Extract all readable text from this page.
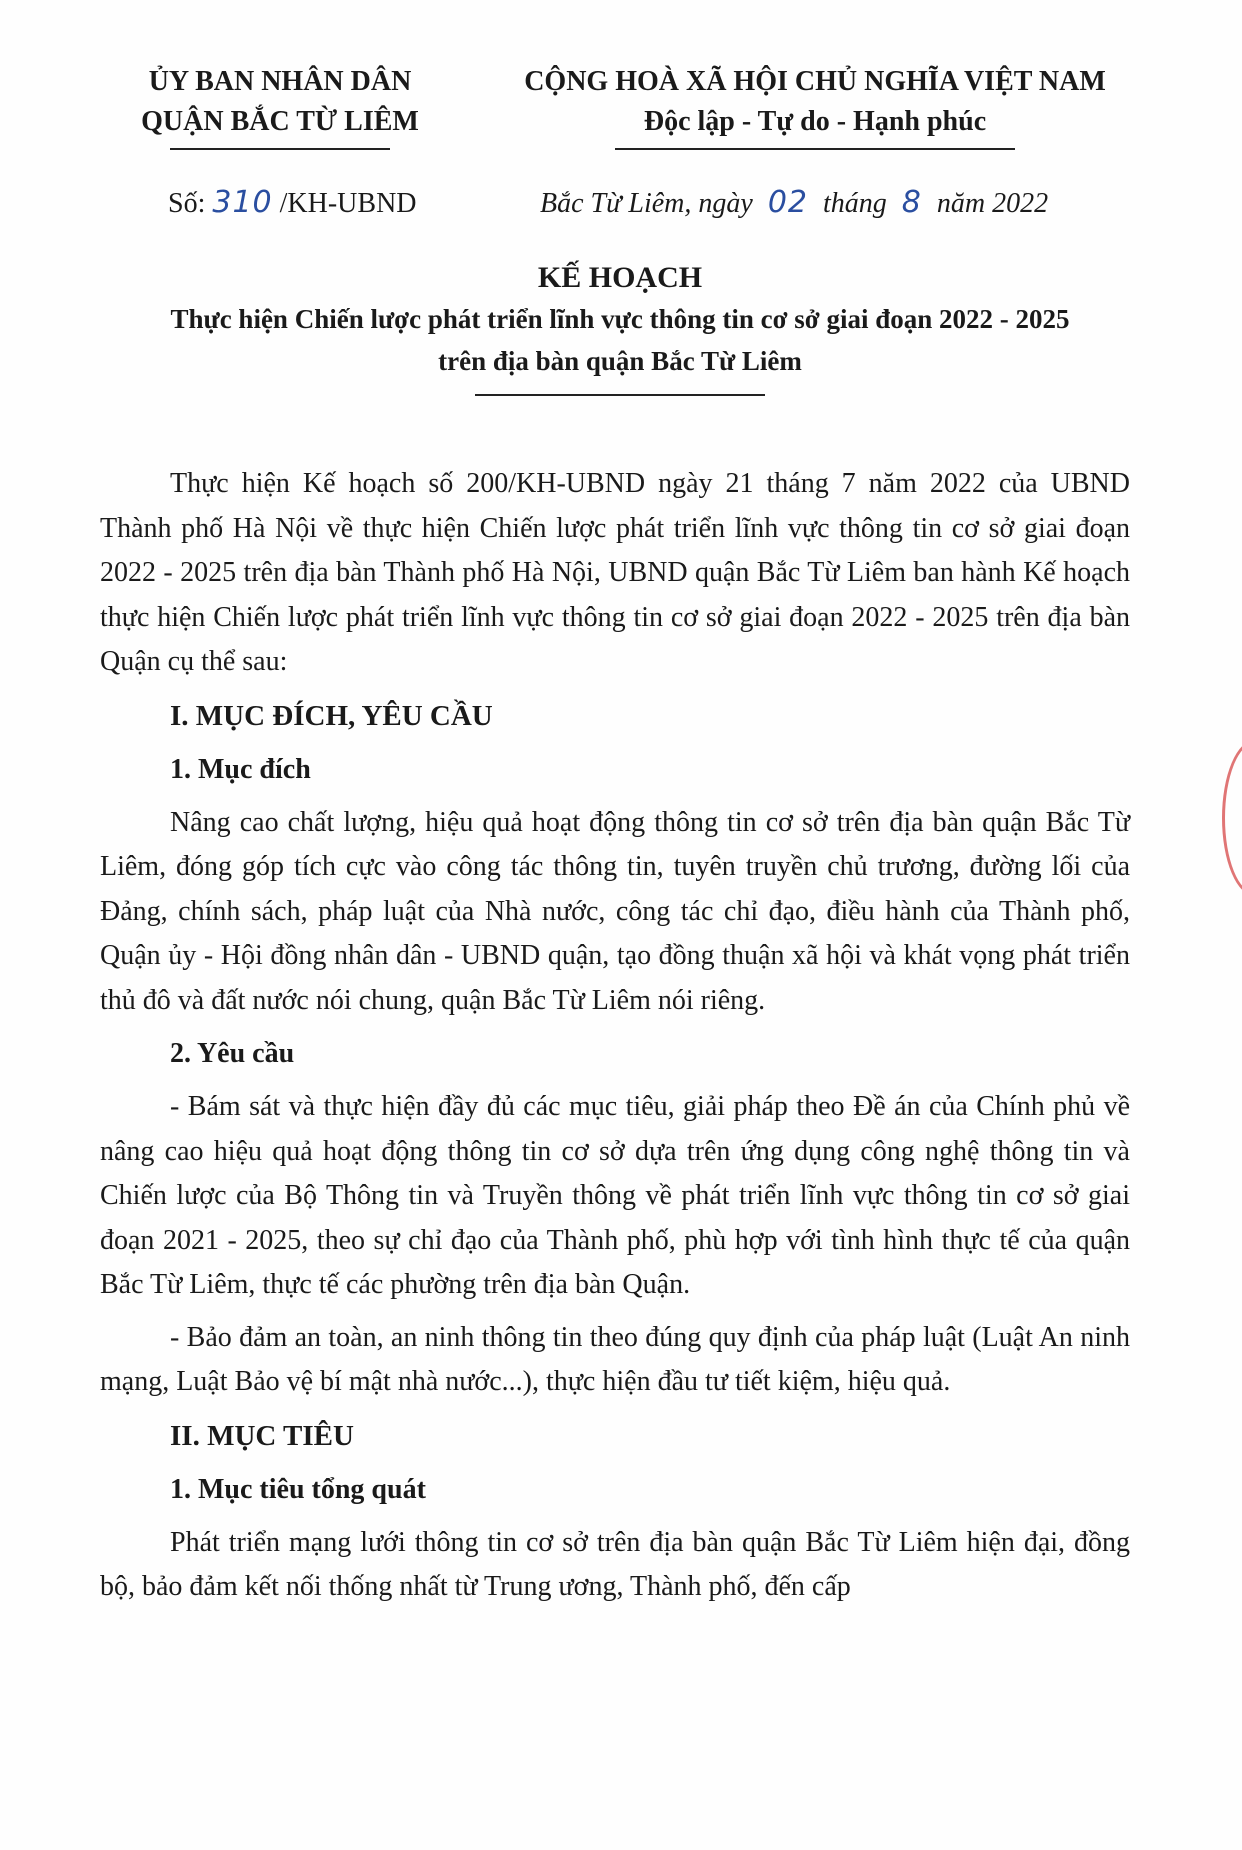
ỦY BAN NHÂN DÂN
QUẬN BẮC TỪ LIÊM
CỘNG HOÀ XÃ HỘI CHỦ NGHĨA VIỆT NAM
Độc lập - Tự do - Hạnh phúc
Số: 310 /KH-UBND	Bắc Từ Liêm, ngày 02 tháng 8 năm 2022
KẾ HOẠCH
Thực hiện Chiến lược phát triển lĩnh vực thông tin cơ sở giai đoạn 2022 - 2025
trên địa bàn quận Bắc Từ Liêm

Thực hiện Kế hoạch số 200/KH-UBND ngày 21 tháng 7 năm 2022 của UBND Thành phố Hà Nội về thực hiện Chiến lược phát triển lĩnh vực thông tin cơ sở giai đoạn 2022 - 2025 trên địa bàn Thành phố Hà Nội, UBND quận Bắc Từ Liêm ban hành Kế hoạch thực hiện Chiến lược phát triển lĩnh vực thông tin cơ sở giai đoạn 2022 - 2025 trên địa bàn Quận cụ thể sau:

I. MỤC ĐÍCH, YÊU CẦU
1. Mục đích

Nâng cao chất lượng, hiệu quả hoạt động thông tin cơ sở trên địa bàn quận Bắc Từ Liêm, đóng góp tích cực vào công tác thông tin, tuyên truyền chủ trương, đường lối của Đảng, chính sách, pháp luật của Nhà nước, công tác chỉ đạo, điều hành của Thành phố, Quận ủy - Hội đồng nhân dân - UBND quận, tạo đồng thuận xã hội và khát vọng phát triển thủ đô và đất nước nói chung, quận Bắc Từ Liêm nói riêng.

2. Yêu cầu

- Bám sát và thực hiện đầy đủ các mục tiêu, giải pháp theo Đề án của Chính phủ về nâng cao hiệu quả hoạt động thông tin cơ sở dựa trên ứng dụng công nghệ thông tin và Chiến lược của Bộ Thông tin và Truyền thông về phát triển lĩnh vực thông tin cơ sở giai đoạn 2021 - 2025, theo sự chỉ đạo của Thành phố, phù hợp với tình hình thực tế của quận Bắc Từ Liêm, thực tế các phường trên địa bàn Quận.

- Bảo đảm an toàn, an ninh thông tin theo đúng quy định của pháp luật (Luật An ninh mạng, Luật Bảo vệ bí mật nhà nước...), thực hiện đầu tư tiết kiệm, hiệu quả.

II. MỤC TIÊU
1. Mục tiêu tổng quát

Phát triển mạng lưới thông tin cơ sở trên địa bàn quận Bắc Từ Liêm hiện đại, đồng bộ, bảo đảm kết nối thống nhất từ Trung ương, Thành phố, đến cấp
